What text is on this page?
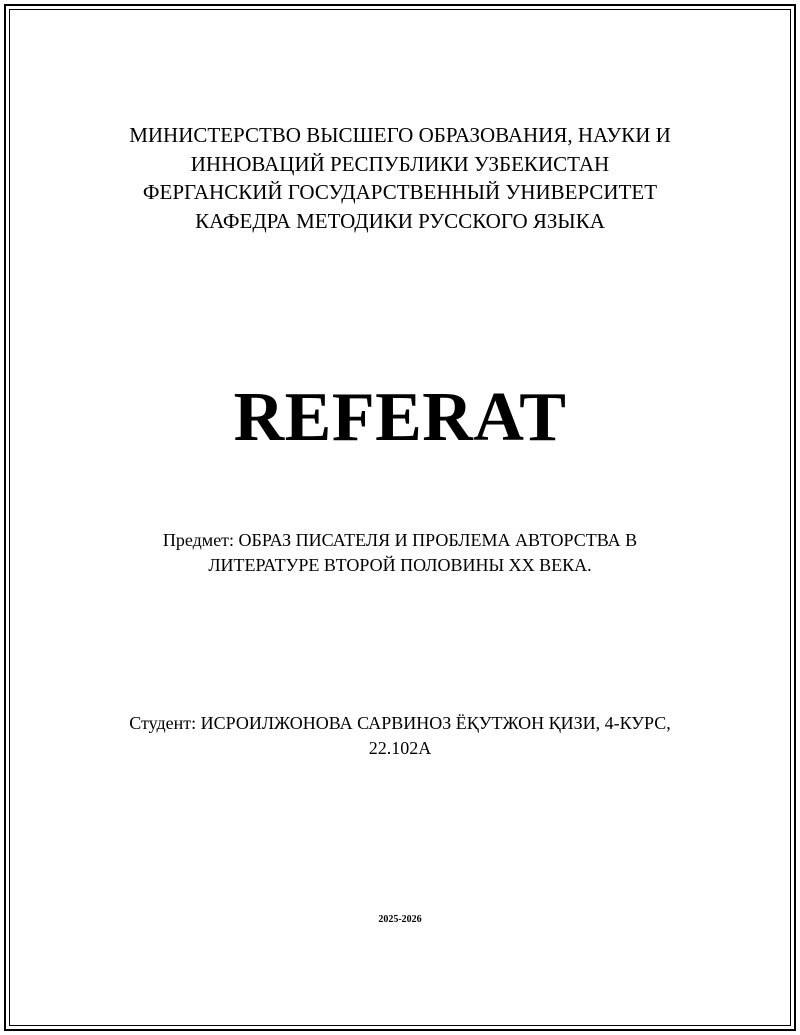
МИНИСТЕРСТВО ВЫСШЕГО ОБРАЗОВАНИЯ, НАУКИ И
ИННОВАЦИЙ РЕСПУБЛИКИ УЗБЕКИСТАН
ФЕРГАНСКИЙ ГОСУДАРСТВЕННЫЙ УНИВЕРСИТЕТ
КАФЕДРА МЕТОДИКИ РУССКОГО ЯЗЫКА
REFERAT
Предмет: ОБРАЗ ПИСАТЕЛЯ И ПРОБЛЕМА АВТОРСТВА В
ЛИТЕРАТУРЕ ВТОРОЙ ПОЛОВИНЫ XX ВЕКА.
Студент: ИСРОИЛЖОНОВА САРВИНОЗ ЁҚУТЖОН ҚИЗИ, 4-КУРС,
22.102A
2025-2026
